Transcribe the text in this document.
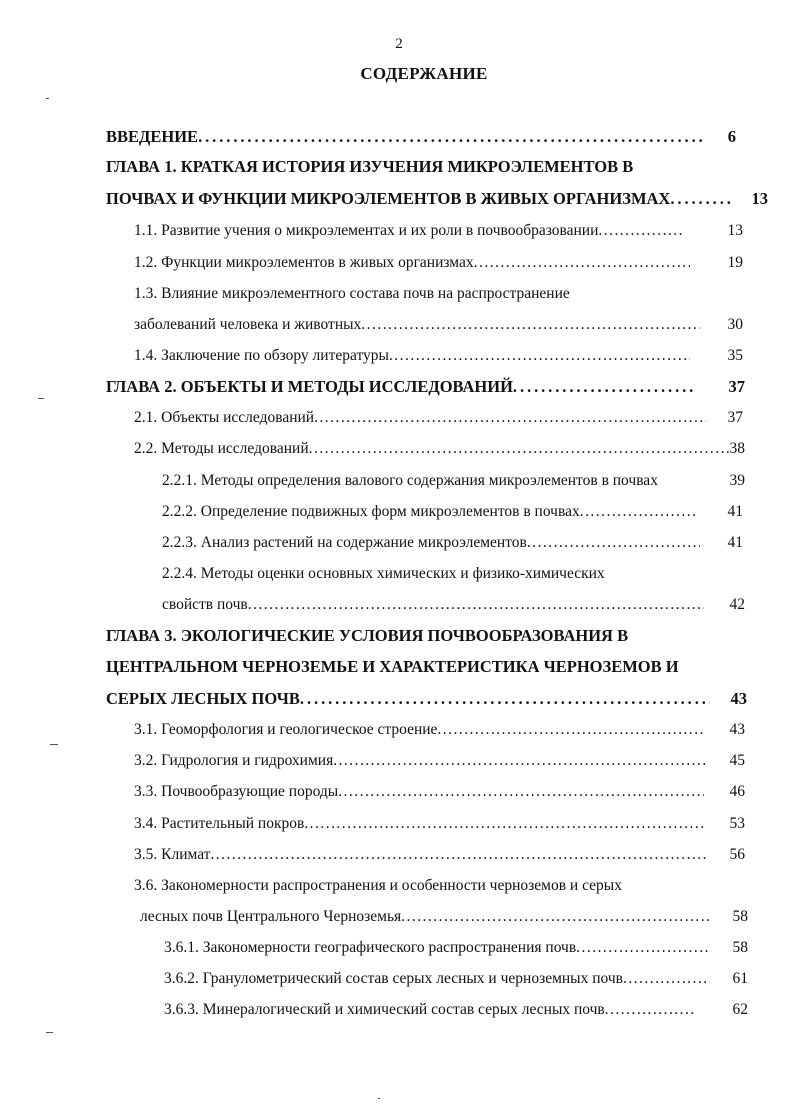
2
СОДЕРЖАНИЕ
ВВЕДЕНИЕ . . .	6
ГЛАВА 1. КРАТКАЯ ИСТОРИЯ ИЗУЧЕНИЯ МИКРОЭЛЕМЕНТОВ В
ПОЧВАХ И ФУНКЦИИ МИКРОЭЛЕМЕНТОВ В ЖИВЫХ ОРГАНИЗМАХ . . .	13
1.1. Развитие учения о микроэлементах и их роли в почвообразовании . . .	13
1.2. Функции микроэлементов в живых организмах . . .	19
1.3. Влияние микроэлементного состава почв на распространение
заболеваний человека и животных . . .	30
1.4. Заключение по обзору литературы . . .	35
ГЛАВА 2. ОБЪЕКТЫ И МЕТОДЫ ИССЛЕДОВАНИЙ . . .	37
2.1. Объекты исследований . . .	37
2.2. Методы исследований . . .	38
2.2.1. Методы определения валового содержания микроэлементов в почвах	39
2.2.2. Определение подвижных форм микроэлементов в почвах . . .	41
2.2.3. Анализ растений на содержание микроэлементов . . .	41
2.2.4. Методы оценки основных химических и физико-химических
свойств почв . . .	42
ГЛАВА 3. ЭКОЛОГИЧЕСКИЕ УСЛОВИЯ ПОЧВООБРАЗОВАНИЯ В
ЦЕНТРАЛЬНОМ ЧЕРНОЗЕМЬЕ И ХАРАКТЕРИСТИКА ЧЕРНОЗЕМОВ И
СЕРЫХ ЛЕСНЫХ ПОЧВ . . .	43
3.1. Геоморфология и геологическое строение . . .	43
3.2. Гидрология и гидрохимия . . .	45
3.3. Почвообразующие породы . . .	46
3.4. Растительный покров . . .	53
3.5. Климат . . .	56
3.6. Закономерности распространения и особенности черноземов и серых
лесных почв Центрального Черноземья . . .	58
3.6.1. Закономерности географического распространения почв . . .	58
3.6.2. Гранулометрический состав серых лесных и черноземных почв . . .	61
3.6.3. Минералогический и химический состав серых лесных почв . . .	62
